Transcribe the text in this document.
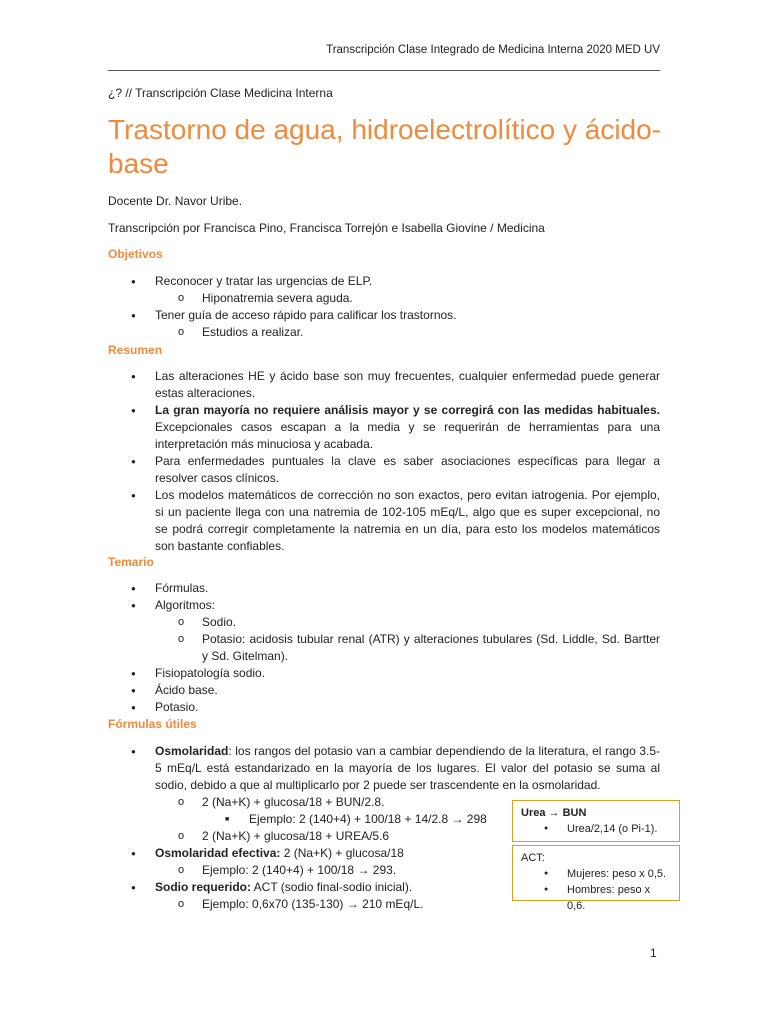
Transcripción Clase Integrado de Medicina Interna 2020 MED UV
¿? // Transcripción Clase Medicina Interna
Trastorno de agua, hidroelectrolítico y ácido-base
Docente Dr. Navor Uribe.
Transcripción por Francisca Pino, Francisca Torrejón e Isabella Giovine / Medicina
Objetivos
● Reconocer y tratar las urgencias de ELP.
o Hiponatremia severa aguda.
● Tener guía de acceso rápido para calificar los trastornos.
o Estudios a realizar.
Resumen
● Las alteraciones HE y ácido base son muy frecuentes, cualquier enfermedad puede generar estas alteraciones.
● La gran mayoría no requiere análisis mayor y se corregirá con las medidas habituales. Excepcionales casos escapan a la media y se requerirán de herramientas para una interpretación más minuciosa y acabada.
● Para enfermedades puntuales la clave es saber asociaciones específicas para llegar a resolver casos clínicos.
● Los modelos matemáticos de corrección no son exactos, pero evitan iatrogenia. Por ejemplo, si un paciente llega con una natremia de 102-105 mEq/L, algo que es super excepcional, no se podrá corregir completamente la natremia en un día, para esto los modelos matemáticos son bastante confiables.
Temario
● Fórmulas.
● Algoritmos:
o Sodio.
o Potasio: acidosis tubular renal (ATR) y alteraciones tubulares (Sd. Liddle, Sd. Bartter y Sd. Gitelman).
● Fisiopatología sodio.
● Ácido base.
● Potasio.
Fórmulas útiles
● Osmolaridad: los rangos del potasio van a cambiar dependiendo de la literatura, el rango 3.5-5 mEq/L está estandarizado en la mayoría de los lugares. El valor del potasio se suma al sodio, debido a que al multiplicarlo por 2 puede ser trascendente en la osmolaridad.
o 2 (Na+K) + glucosa/18 + BUN/2.8.
■ Ejemplo: 2 (140+4) + 100/18 + 14/2.8 → 298
o 2 (Na+K) + glucosa/18 + UREA/5.6
● Osmolaridad efectiva: 2 (Na+K) + glucosa/18
o Ejemplo: 2 (140+4) + 100/18 → 293.
● Sodio requerido: ACT (sodio final-sodio inicial).
o Ejemplo: 0,6x70 (135-130) → 210 mEq/L.
Urea → BUN
● Urea/2,14 (o Pi-1).
ACT:
● Mujeres: peso x 0,5.
● Hombres: peso x 0,6.
1
